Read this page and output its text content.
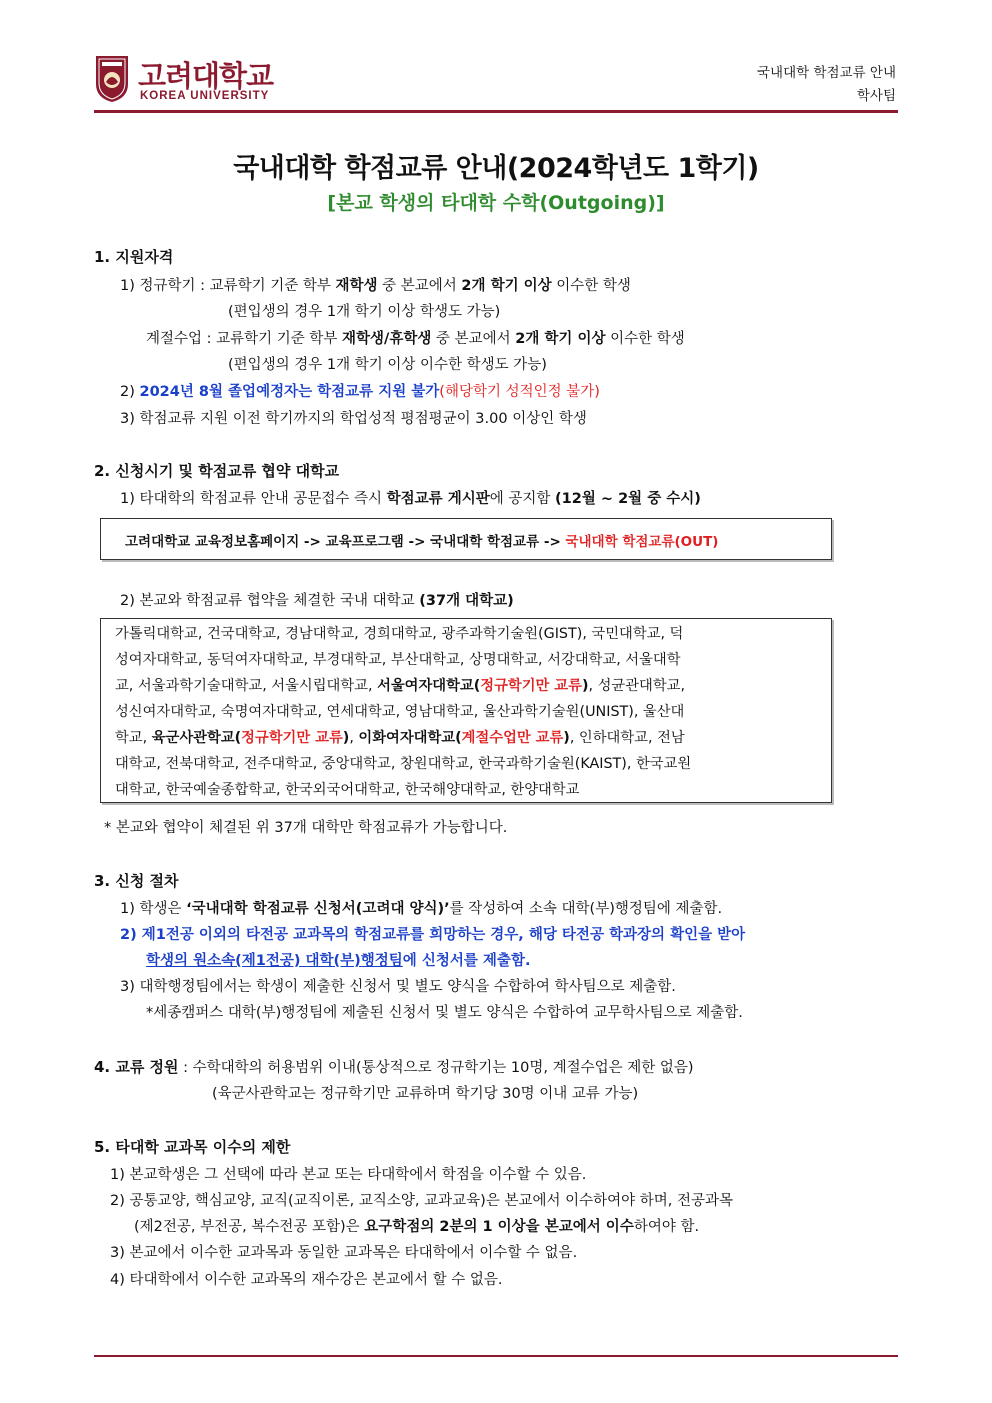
고려대학교
KOREA UNIVERSITY
국내대학 학점교류 안내
학사팀
국내대학 학점교류 안내(2024학년도 1학기)
[본교 학생의 타대학 수학(Outgoing)]
1. 지원자격
1) 정규학기 : 교류학기 기준 학부 재학생 중 본교에서 2개 학기 이상 이수한 학생
(편입생의 경우 1개 학기 이상 학생도 가능)
계절수업 : 교류학기 기준 학부 재학생/휴학생 중 본교에서 2개 학기 이상 이수한 학생
(편입생의 경우 1개 학기 이상 이수한 학생도 가능)
2) 2024년 8월 졸업예정자는 학점교류 지원 불가(해당학기 성적인정 불가)
3) 학점교류 지원 이전 학기까지의 학업성적 평점평균이 3.00 이상인 학생
2. 신청시기 및 학점교류 협약 대학교
1) 타대학의 학점교류 안내 공문접수 즉시 학점교류 게시판에 공지함 (12월 ~ 2월 중 수시)
고려대학교 교육정보홈페이지 -> 교육프로그램 -> 국내대학 학점교류 -> 국내대학 학점교류(OUT)
2) 본교와 학점교류 협약을 체결한 국내 대학교 (37개 대학교)
가톨릭대학교, 건국대학교, 경남대학교, 경희대학교, 광주과학기술원(GIST), 국민대학교, 덕
성여자대학교, 동덕여자대학교, 부경대학교, 부산대학교, 상명대학교, 서강대학교, 서울대학
교, 서울과학기술대학교, 서울시립대학교, 서울여자대학교(정규학기만 교류), 성균관대학교,
성신여자대학교, 숙명여자대학교, 연세대학교, 영남대학교, 울산과학기술원(UNIST), 울산대
학교, 육군사관학교(정규학기만 교류), 이화여자대학교(계절수업만 교류), 인하대학교, 전남
대학교, 전북대학교, 전주대학교, 중앙대학교, 창원대학교, 한국과학기술원(KAIST), 한국교원
대학교, 한국예술종합학교, 한국외국어대학교, 한국해양대학교, 한양대학교
* 본교와 협약이 체결된 위 37개 대학만 학점교류가 가능합니다.
3. 신청 절차
1) 학생은 ‘국내대학 학점교류 신청서(고려대 양식)’를 작성하여 소속 대학(부)행정팀에 제출함.
2) 제1전공 이외의 타전공 교과목의 학점교류를 희망하는 경우, 해당 타전공 학과장의 확인을 받아
학생의 원소속(제1전공) 대학(부)행정팀에 신청서를 제출함.
3) 대학행정팀에서는 학생이 제출한 신청서 및 별도 양식을 수합하여 학사팀으로 제출함.
*세종캠퍼스 대학(부)행정팀에 제출된 신청서 및 별도 양식은 수합하여 교무학사팀으로 제출함.
4. 교류 정원 : 수학대학의 허용범위 이내(통상적으로 정규학기는 10명, 계절수업은 제한 없음)
(육군사관학교는 정규학기만 교류하며 학기당 30명 이내 교류 가능)
5. 타대학 교과목 이수의 제한
1) 본교학생은 그 선택에 따라 본교 또는 타대학에서 학점을 이수할 수 있음.
2) 공통교양, 핵심교양, 교직(교직이론, 교직소양, 교과교육)은 본교에서 이수하여야 하며, 전공과목
(제2전공, 부전공, 복수전공 포함)은 요구학점의 2분의 1 이상을 본교에서 이수하여야 함.
3) 본교에서 이수한 교과목과 동일한 교과목은 타대학에서 이수할 수 없음.
4) 타대학에서 이수한 교과목의 재수강은 본교에서 할 수 없음.
